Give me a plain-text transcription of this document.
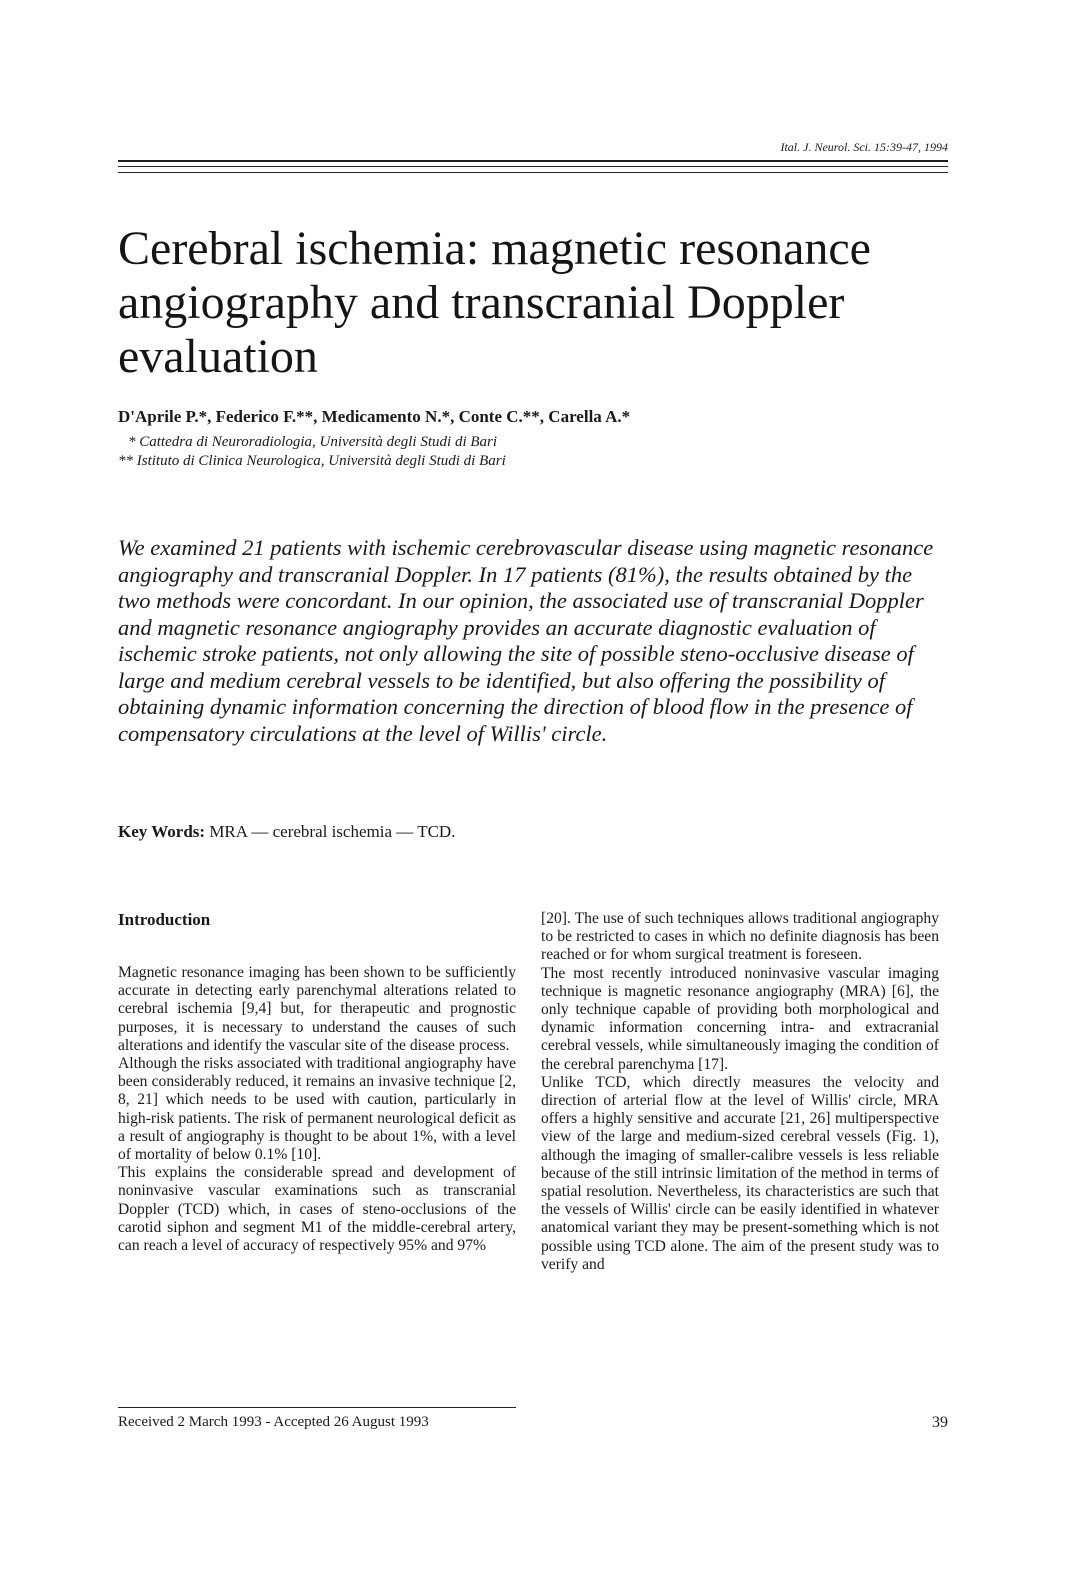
Ital. J. Neurol. Sci. 15:39-47, 1994
Cerebral ischemia: magnetic resonance angiography and transcranial Doppler evaluation
D'Aprile P.*, Federico F.**, Medicamento N.*, Conte C.**, Carella A.*
* Cattedra di Neuroradiologia, Università degli Studi di Bari
** Istituto di Clinica Neurologica, Università degli Studi di Bari

We examined 21 patients with ischemic cerebrovascular disease using magnetic resonance angiography and transcranial Doppler. In 17 patients (81%), the results obtained by the two methods were concordant. In our opinion, the associated use of transcranial Doppler and magnetic resonance angiography provides an accurate diagnostic evaluation of ischemic stroke patients, not only allowing the site of possible steno-occlusive disease of large and medium cerebral vessels to be identified, but also offering the possibility of obtaining dynamic information concerning the direction of blood flow in the presence of compensatory circulations at the level of Willis' circle.

Key Words: MRA — cerebral ischemia — TCD.
Introduction

Magnetic resonance imaging has been shown to be sufficiently accurate in detecting early parenchymal alterations related to cerebral ischemia [9,4] but, for therapeutic and prognostic purposes, it is necessary to understand the causes of such alterations and identify the vascular site of the disease process.

Although the risks associated with traditional angiography have been considerably reduced, it remains an invasive technique [2, 8, 21] which needs to be used with caution, particularly in high-risk patients. The risk of permanent neurological deficit as a result of angiography is thought to be about 1%, with a level of mortality of below 0.1% [10].

This explains the considerable spread and development of noninvasive vascular examinations such as transcranial Doppler (TCD) which, in cases of steno-occlusions of the carotid siphon and segment M1 of the middle-cerebral artery, can reach a level of accuracy of respectively 95% and 97%

[20]. The use of such techniques allows traditional angiography to be restricted to cases in which no definite diagnosis has been reached or for whom surgical treatment is foreseen.

The most recently introduced noninvasive vascular imaging technique is magnetic resonance angiography (MRA) [6], the only technique capable of providing both morphological and dynamic information concerning intra- and extracranial cerebral vessels, while simultaneously imaging the condition of the cerebral parenchyma [17].

Unlike TCD, which directly measures the velocity and direction of arterial flow at the level of Willis' circle, MRA offers a highly sensitive and accurate [21, 26] multiperspective view of the large and medium-sized cerebral vessels (Fig. 1), although the imaging of smaller-calibre vessels is less reliable because of the still intrinsic limitation of the method in terms of spatial resolution. Nevertheless, its characteristics are such that the vessels of Willis' circle can be easily identified in whatever anatomical variant they may be present-something which is not possible using TCD alone. The aim of the present study was to verify and

Received 2 March 1993 - Accepted 26 August 1993	39
